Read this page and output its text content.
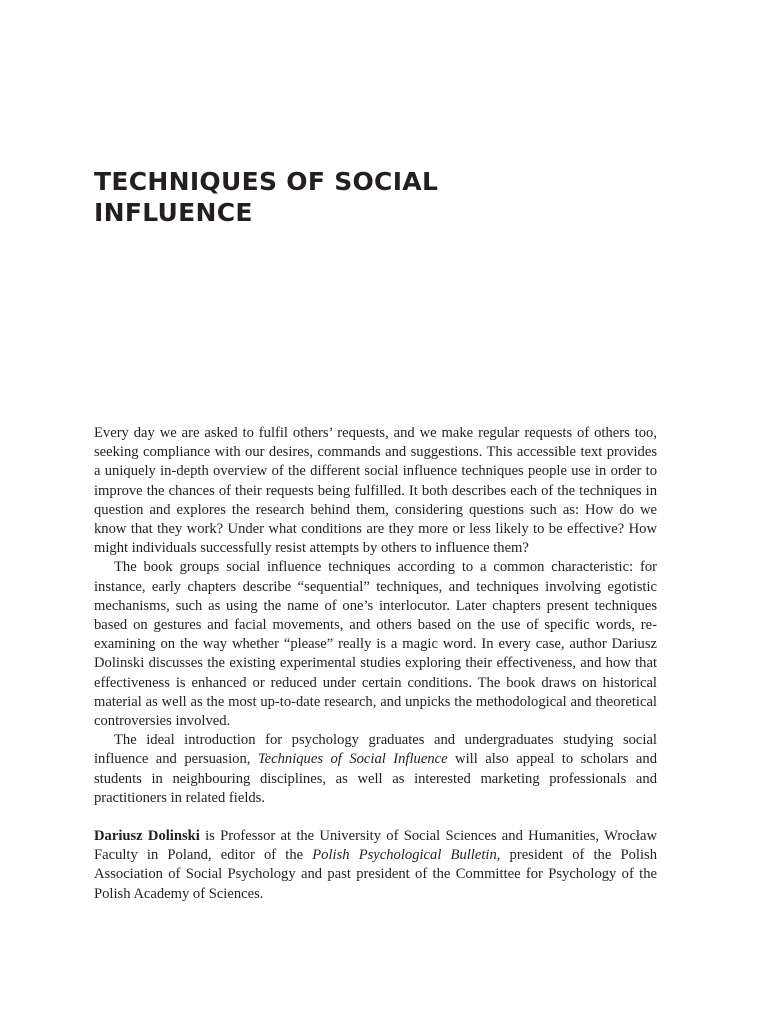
TECHNIQUES OF SOCIAL
INFLUENCE

Every day we are asked to fulfil others’ requests, and we make regular requests of others too, seeking compliance with our desires, commands and suggestions. This accessible text provides a uniquely in-depth overview of the different social influence techniques people use in order to improve the chances of their requests being fulfilled. It both describes each of the techniques in question and explores the research behind them, considering questions such as: How do we know that they work? Under what conditions are they more or less likely to be effective? How might individuals successfully resist attempts by others to influence them?

The book groups social influence techniques according to a common characteristic: for instance, early chapters describe “sequential” techniques, and techniques involving egotistic mechanisms, such as using the name of one’s interlocutor. Later chapters present techniques based on gestures and facial movements, and others based on the use of specific words, re-examining on the way whether “please” really is a magic word. In every case, author Dariusz Dolinski discusses the existing experimental studies exploring their effectiveness, and how that effectiveness is enhanced or reduced under certain conditions. The book draws on historical material as well as the most up-to-date research, and unpicks the methodological and theoretical controversies involved.

The ideal introduction for psychology graduates and undergraduates studying social influence and persuasion, Techniques of Social Influence will also appeal to scholars and students in neighbouring disciplines, as well as interested marketing professionals and practitioners in related fields.

Dariusz Dolinski is Professor at the University of Social Sciences and Humanities, Wrocław Faculty in Poland, editor of the Polish Psychological Bulletin, president of the Polish Association of Social Psychology and past president of the Committee for Psychology of the Polish Academy of Sciences.
